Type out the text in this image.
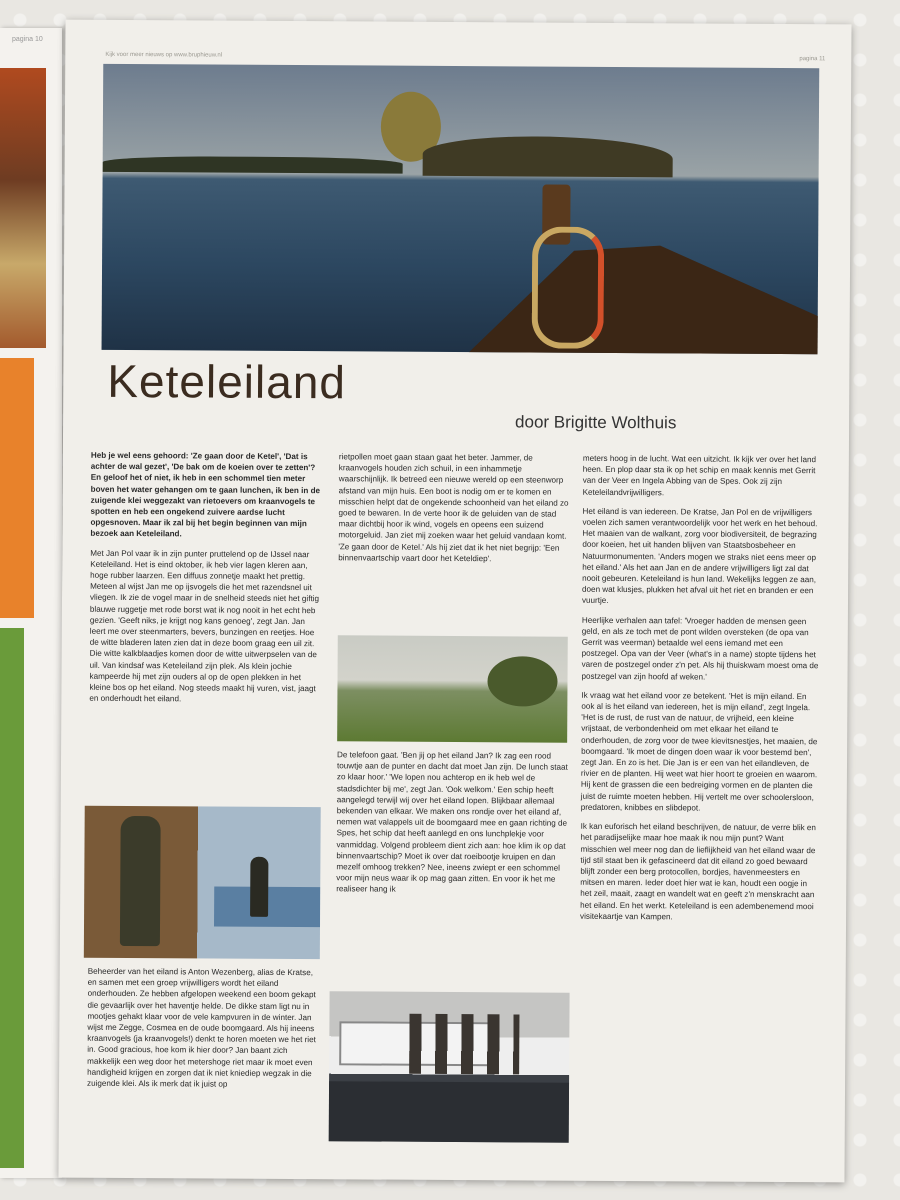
pagina 10
Kijk voor meer nieuws op www.bruphieuw.nl
pagina 11
Keteleiland
door Brigitte Wolthuis

Heb je wel eens gehoord: 'Ze gaan door de Ketel', 'Dat is achter de wal gezet', 'De bak om de koeien over te zetten'? En geloof het of niet, ik heb in een schommel tien meter boven het water gehangen om te gaan lunchen, ik ben in de zuigende klei weggezakt van rietoevers om kraanvogels te spotten en heb een ongekend zuivere aardse lucht opgesnoven. Maar ik zal bij het begin beginnen van mijn bezoek aan Keteleiland.

Met Jan Pol vaar ik in zijn punter pruttelend op de IJssel naar Keteleiland. Het is eind oktober, ik heb vier lagen kleren aan, hoge rubber laarzen. Een diffuus zonnetje maakt het prettig. Meteen al wijst Jan me op ijsvogels die het met razendsnel uit vliegen. Ik zie de vogel maar in de snelheid steeds niet het giftig blauwe ruggetje met rode borst wat ik nog nooit in het echt heb gezien. 'Geeft niks, je krijgt nog kans genoeg', zegt Jan. Jan leert me over steenmarters, bevers, bunzingen en reetjes. Hoe de witte bladeren laten zien dat in deze boom graag een uil zit. Die witte kalkblaadjes komen door de witte uitwerpselen van de uil. Van kindsaf was Keteleiland zijn plek. Als klein jochie kampeerde hij met zijn ouders al op de open plekken in het kleine bos op het eiland. Nog steeds maakt hij vuren, vist, jaagt en onderhoudt het eiland.

Beheerder van het eiland is Anton Wezenberg, alias de Kratse, en samen met een groep vrijwilligers wordt het eiland onderhouden. Ze hebben afgelopen weekend een boom gekapt die gevaarlijk over het haventje helde. De dikke stam ligt nu in mootjes gehakt klaar voor de vele kampvuren in de winter. Jan wijst me Zegge, Cosmea en de oude boomgaard. Als hij ineens kraanvogels (ja kraanvogels!) denkt te horen moeten we het riet in. Good gracious, hoe kom ik hier door? Jan baant zich makkelijk een weg door het metershoge riet maar ik moet even handigheid krijgen en zorgen dat ik niet kniediep wegzak in die zuigende klei. Als ik merk dat ik juist op

rietpollen moet gaan staan gaat het beter. Jammer, de kraanvogels houden zich schuil, in een inhammetje waarschijnlijk. Ik betreed een nieuwe wereld op een steenworp afstand van mijn huis. Een boot is nodig om er te komen en misschien helpt dat de ongekende schoonheid van het eiland zo goed te bewaren. In de verte hoor ik de geluiden van de stad maar dichtbij hoor ik wind, vogels en opeens een suizend motorgeluid. Jan ziet mij zoeken waar het geluid vandaan komt. 'Ze gaan door de Ketel.' Als hij ziet dat ik het niet begrijp: 'Een binnenvaartschip vaart door het Keteldiep'.

De telefoon gaat. 'Ben jij op het eiland Jan? Ik zag een rood touwtje aan de punter en dacht dat moet Jan zijn. De lunch staat zo klaar hoor.' 'We lopen nou achterop en ik heb wel de stadsdichter bij me', zegt Jan. 'Ook welkom.' Een schip heeft aangelegd terwijl wij over het eiland lopen. Blijkbaar allemaal bekenden van elkaar. We maken ons rondje over het eiland af, nemen wat valappels uit de boomgaard mee en gaan richting de Spes, het schip dat heeft aanlegd en ons lunchplekje voor vanmiddag. Volgend probleem dient zich aan: hoe klim ik op dat binnenvaartschip? Moet ik over dat roeibootje kruipen en dan mezelf omhoog trekken? Nee, ineens zwiept er een schommel voor mijn neus waar ik op mag gaan zitten. En voor ik het me realiseer hang ik

meters hoog in de lucht. Wat een uitzicht. Ik kijk ver over het land heen. En plop daar sta ik op het schip en maak kennis met Gerrit van der Veer en Ingela Abbing van de Spes. Ook zij zijn Keteleilandvrijwilligers.

Het eiland is van iedereen. De Kratse, Jan Pol en de vrijwilligers voelen zich samen verantwoordelijk voor het werk en het behoud. Het maaien van de walkant, zorg voor biodiversiteit, de begrazing door koeien, het uit handen blijven van Staatsbosbeheer en Natuurmonumenten. 'Anders mogen we straks niet eens meer op het eiland.' Als het aan Jan en de andere vrijwilligers ligt zal dat nooit gebeuren. Keteleiland is hun land. Wekelijks leggen ze aan, doen wat klusjes, plukken het afval uit het riet en branden er een vuurtje.

Heerlijke verhalen aan tafel: 'Vroeger hadden de mensen geen geld, en als ze toch met de pont wilden oversteken (de opa van Gerrit was veerman) betaalde wel eens iemand met een postzegel. Opa van der Veer (what's in a name) stopte tijdens het varen de postzegel onder z'n pet. Als hij thuiskwam moest oma de postzegel van zijn hoofd af weken.'

Ik vraag wat het eiland voor ze betekent. 'Het is mijn eiland. En ook al is het eiland van iedereen, het is mijn eiland', zegt Ingela. 'Het is de rust, de rust van de natuur, de vrijheid, een kleine vrijstaat, de verbondenheid om met elkaar het eiland te onderhouden, de zorg voor de twee kievitsnestjes, het maaien, de boomgaard. 'Ik moet de dingen doen waar ik voor bestemd ben', zegt Jan. En zo is het. Die Jan is er een van het eilandleven, de rivier en de planten. Hij weet wat hier hoort te groeien en waarom. Hij kent de grassen die een bedreiging vormen en de planten die juist de ruimte moeten hebben. Hij vertelt me over schoolersloon, predatoren, knibbes en slibdepot.

Ik kan euforisch het eiland beschrijven, de natuur, de verre blik en het paradijselijke maar hoe maak ik nou mijn punt? Want misschien wel meer nog dan de lieflijkheid van het eiland waar de tijd stil staat ben ik gefascineerd dat dit eiland zo goed bewaard blijft zonder een berg protocollen, bordjes, havenmeesters en mitsen en maren. Ieder doet hier wat ie kan, houdt een oogje in het zeil, maait, zaagt en wandelt wat en geeft z'n menskracht aan het eiland. En het werkt. Keteleiland is een adembenemend mooi visitekaartje van Kampen.
